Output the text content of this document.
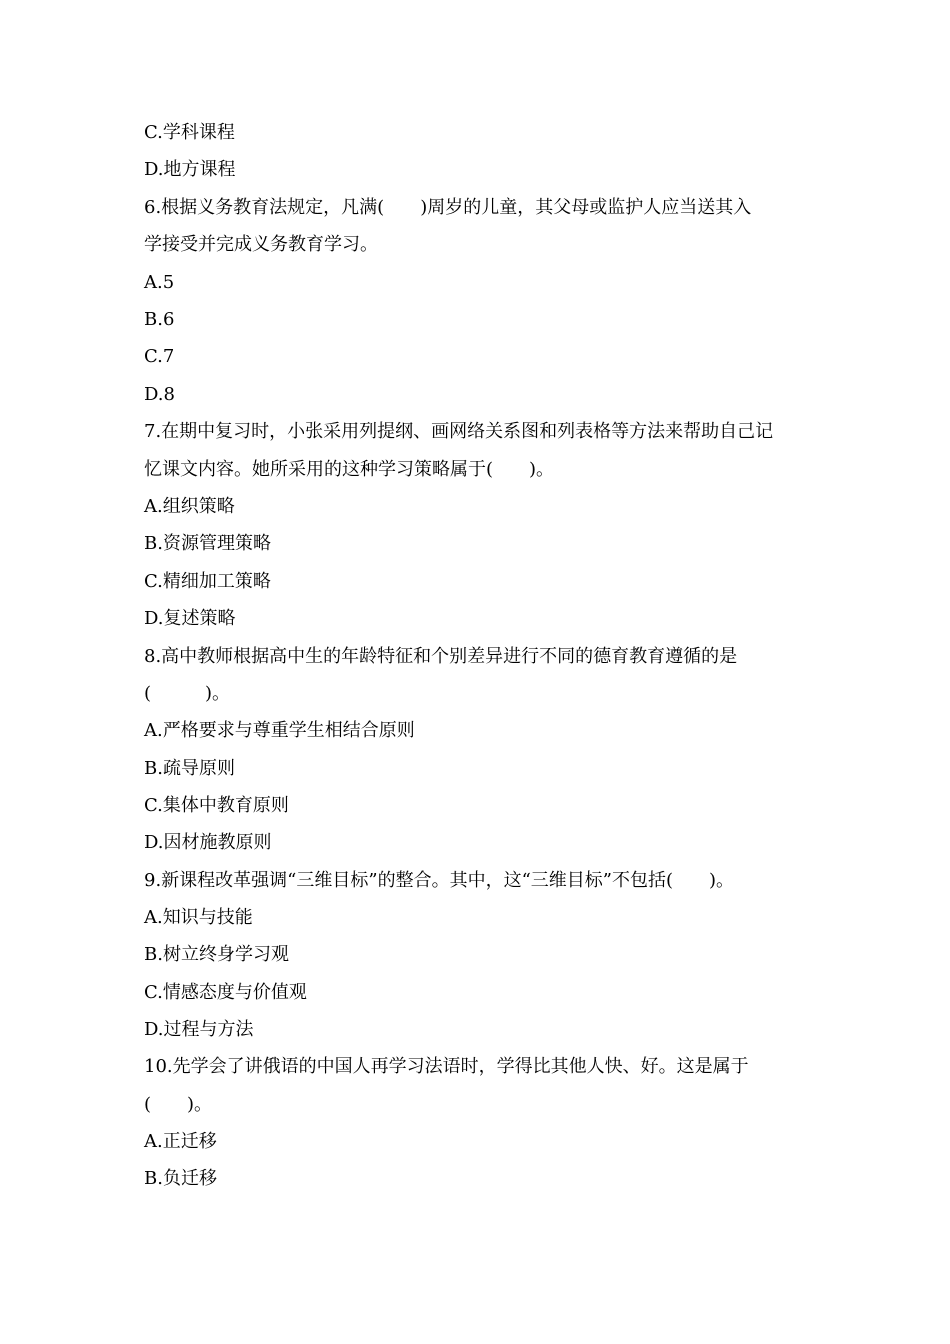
C.学科课程
D.地方课程
6.根据义务教育法规定，凡满(　　)周岁的儿童，其父母或监护人应当送其入
学接受并完成义务教育学习。
A.5
B.6
C.7
D.8
7.在期中复习时，小张采用列提纲、画网络关系图和列表格等方法来帮助自己记
忆课文内容。她所采用的这种学习策略属于(　　)。
A.组织策略
B.资源管理策略
C.精细加工策略
D.复述策略
8.高中教师根据高中生的年龄特征和个别差异进行不同的德育教育遵循的是
(　　　)。
A.严格要求与尊重学生相结合原则
B.疏导原则
C.集体中教育原则
D.因材施教原则
9.新课程改革强调“三维目标”的整合。其中，这“三维目标”不包括(　　)。
A.知识与技能
B.树立终身学习观
C.情感态度与价值观
D.过程与方法
10.先学会了讲俄语的中国人再学习法语时，学得比其他人快、好。这是属于
(　　)。
A.正迁移
B.负迁移
